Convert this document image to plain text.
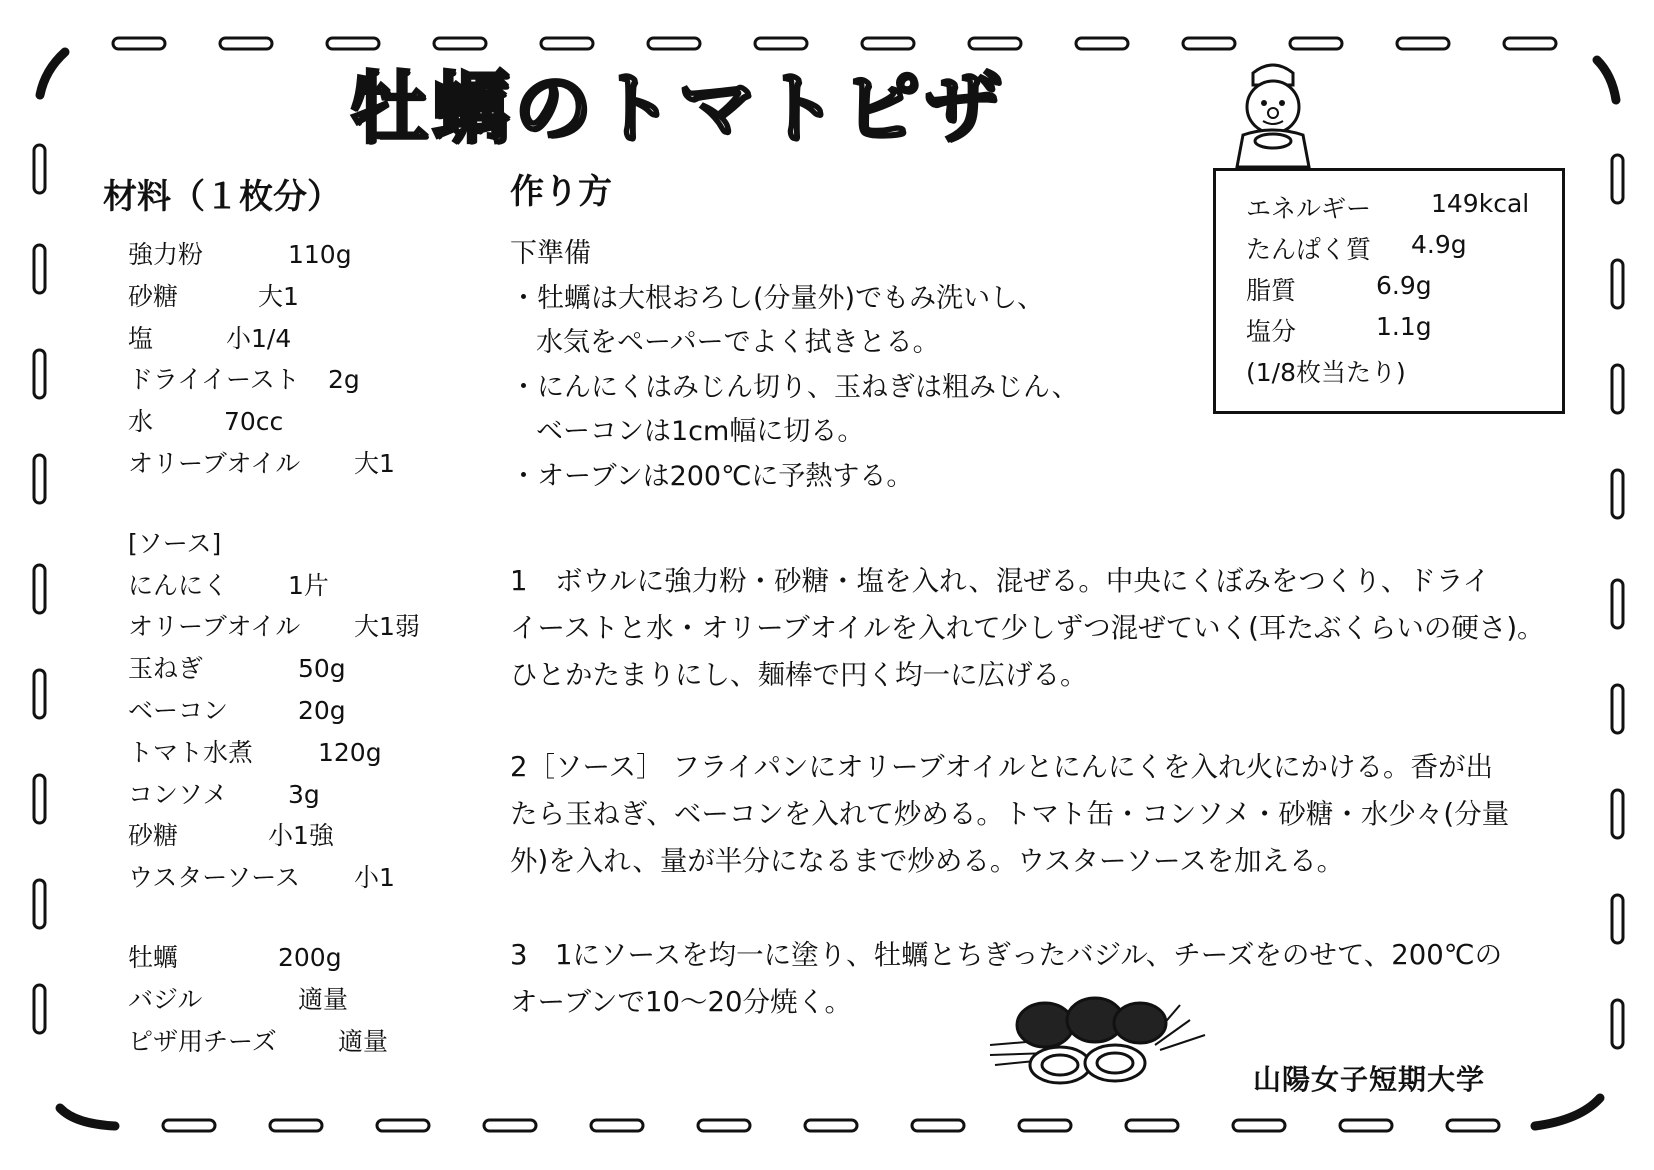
牡蠣のトマトピザ
材料（１枚分）
強力粉	110g
砂糖	大1
塩	小1/4
ドライイースト	2g
水	70cc
オリーブオイル	大1
[ソース]
にんにく	1片
オリーブオイル	大1弱
玉ねぎ	50g
ベーコン	20g
トマト水煮	120g
コンソメ	3g
砂糖	小1強
ウスターソース	小1
牡蠣	200g
バジル	適量
ピザ用チーズ	適量
作り方
下準備
・牡蠣は大根おろし(分量外)でもみ洗いし、
水気をペーパーでよく拭きとる。
・にんにくはみじん切り、玉ねぎは粗みじん、
ベーコンは1cm幅に切る。
・オーブンは200℃に予熱する。
1　ボウルに強力粉・砂糖・塩を入れ、混ぜる。中央にくぼみをつくり、ドライ
イーストと水・オリーブオイルを入れて少しずつ混ぜていく(耳たぶくらいの硬さ)。
ひとかたまりにし、麺棒で円く均一に広げる。
2［ソース］ フライパンにオリーブオイルとにんにくを入れ火にかける。香が出
たら玉ねぎ、ベーコンを入れて炒める。トマト缶・コンソメ・砂糖・水少々(分量
外)を入れ、量が半分になるまで炒める。ウスターソースを加える。
3　1にソースを均一に塗り、牡蠣とちぎったバジル、チーズをのせて、200℃の
オーブンで10～20分焼く。
エネルギー 149kcal
たんぱく質 4.9g
脂質	6.9g
塩分	1.1g
(1/8枚当たり)
山陽女子短期大学
